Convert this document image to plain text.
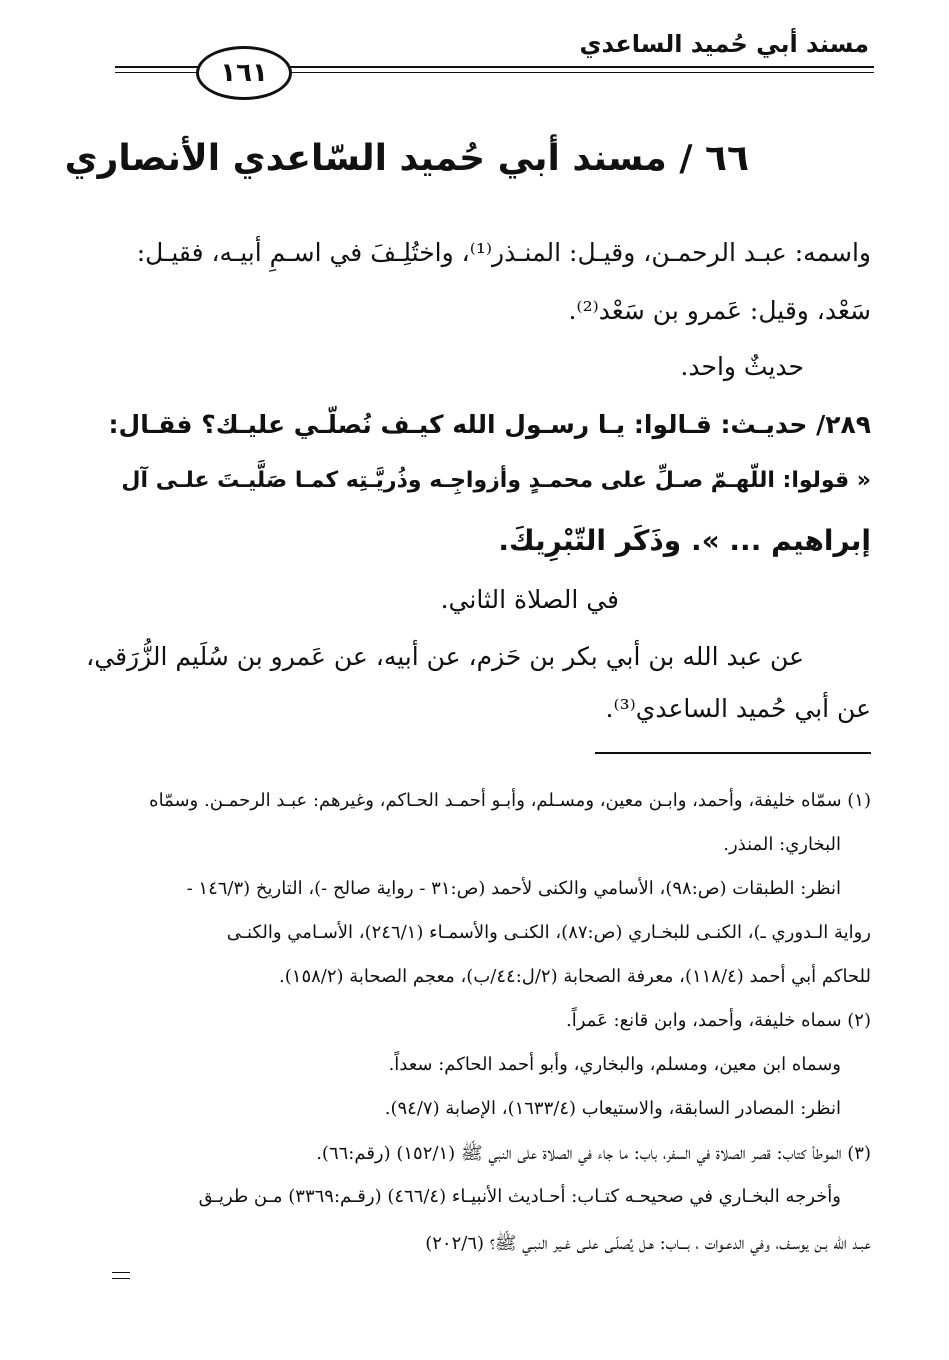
مسند أبي حُميد الساعدي
١٦١
٦٦ / مسند أبي حُميد السّاعدي الأنصاري
واسمه: عبـد الرحمـن، وقيـل: المنـذر⁽¹⁾، واختُلِـفَ في اسـمِ أبيـه، فقيـل:
سَعْد، وقيل: عَمرو بن سَعْد⁽²⁾.
حديثٌ واحد.
٢٨٩/ حديـث: قـالوا: يـا رسـول الله كيـف نُصلّـي عليـك؟ فقـال:
« قولوا: اللّهـمّ صـلِّ على محمـدٍ وأزواجِـه وذُريَّـتِه كمـا صَلَّيـتَ علـى آل
إبراهيم ... ». وذَكَر التّبْرِيكَ.
في الصلاة الثاني.
عن عبد الله بن أبي بكر بن حَزم، عن أبيه، عن عَمرو بن سُلَيم الزُّرَقي،
عن أبي حُميد الساعدي⁽³⁾.
(١) سمّاه خليفة، وأحمد، وابـن معين، ومسـلم، وأبـو أحمـد الحـاكم، وغيرهم: عبـد الرحمـن. وسمّاه
البخاري: المنذر.
انظر: الطبقات (ص:٩٨)، الأسامي والكنى لأحمد (ص:٣١ - رواية صالح -)، التاريخ (١٤٦/٣ -
رواية الـدوري ـ)، الكنـى للبخـاري (ص:٨٧)، الكنـى والأسمـاء (٢٤٦/١)، الأسـامي والكنـى
للحاكم أبي أحمد (١١٨/٤)، معرفة الصحابة (٢/ل:٤٤/ب)، معجم الصحابة (١٥٨/٢).
(٢) سماه خليفة، وأحمد، وابن قانع: عَمراً.
وسماه ابن معين، ومسلم، والبخاري، وأبو أحمد الحاكم: سعداً.
انظر: المصادر السابقة، والاستيعاب (١٦٣٣/٤)، الإصابة (٩٤/٧).
(٣) الموطأ كتاب: قصر الصلاة في السفر، باب: ما جاء في الصلاة على النبي ﷺ (١٥٢/١) (رقم:٦٦).
وأخرجه البخـاري في صحيحـه كتـاب: أحـاديث الأنبيـاء (٤٦٦/٤) (رقـم:٣٣٦٩) مـن طريـق
عبـد الله بـن يوسـف، وفي الدعـوات ، بـــاب: هـل يُصلّـى علـى غـير النبـي ﷺ؟ (٢٠٢/٦)
